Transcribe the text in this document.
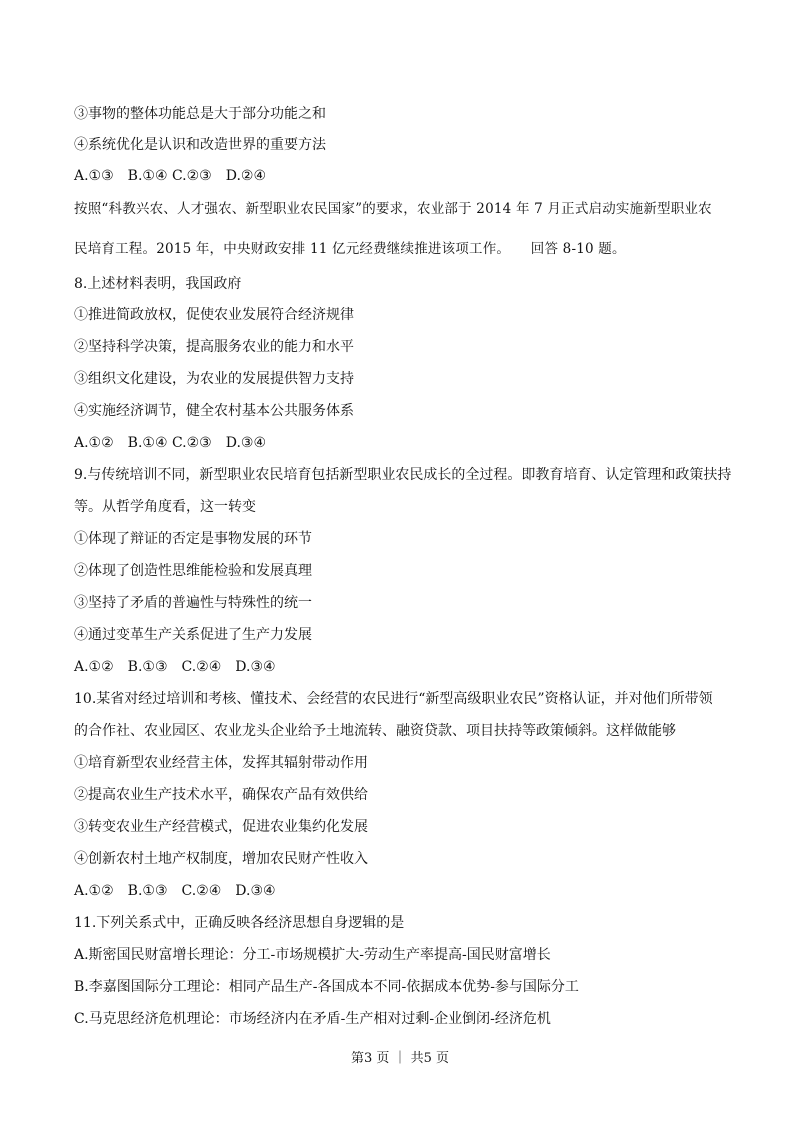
③事物的整体功能总是大于部分功能之和
④系统优化是认识和改造世界的重要方法
A.①③　B.①④ C.②③　D.②④
按照“科教兴农、人才强农、新型职业农民国家”的要求，农业部于 2014 年 7 月正式启动实施新型职业农
民培育工程。2015 年，中央财政安排 11 亿元经费继续推进该项工作。　　回答 8-10 题。
8.上述材料表明，我国政府
①推进简政放权，促使农业发展符合经济规律
②坚持科学决策，提高服务农业的能力和水平
③组织文化建设，为农业的发展提供智力支持
④实施经济调节，健全农村基本公共服务体系
A.①②　B.①④ C.②③　D.③④
9.与传统培训不同，新型职业农民培育包括新型职业农民成长的全过程。即教育培育、认定管理和政策扶持
等。从哲学角度看，这一转变
①体现了辩证的否定是事物发展的环节
②体现了创造性思维能检验和发展真理
③坚持了矛盾的普遍性与特殊性的统一
④通过变革生产关系促进了生产力发展
A.①②　B.①③　C.②④　D.③④
10.某省对经过培训和考核、懂技术、会经营的农民进行“新型高级职业农民”资格认证，并对他们所带领
的合作社、农业园区、农业龙头企业给予土地流转、融资贷款、项目扶持等政策倾斜。这样做能够
①培育新型农业经营主体，发挥其辐射带动作用
②提高农业生产技术水平，确保农产品有效供给
③转变农业生产经营模式，促进农业集约化发展
④创新农村土地产权制度，增加农民财产性收入
A.①②　B.①③　C.②④　D.③④
11.下列关系式中，正确反映各经济思想自身逻辑的是
A.斯密国民财富增长理论：分工-市场规模扩大-劳动生产率提高-国民财富增长
B.李嘉图国际分工理论：相同产品生产-各国成本不同-依据成本优势-参与国际分工
C.马克思经济危机理论：市场经济内在矛盾-生产相对过剩-企业倒闭-经济危机
第3 页 ｜ 共5 页
